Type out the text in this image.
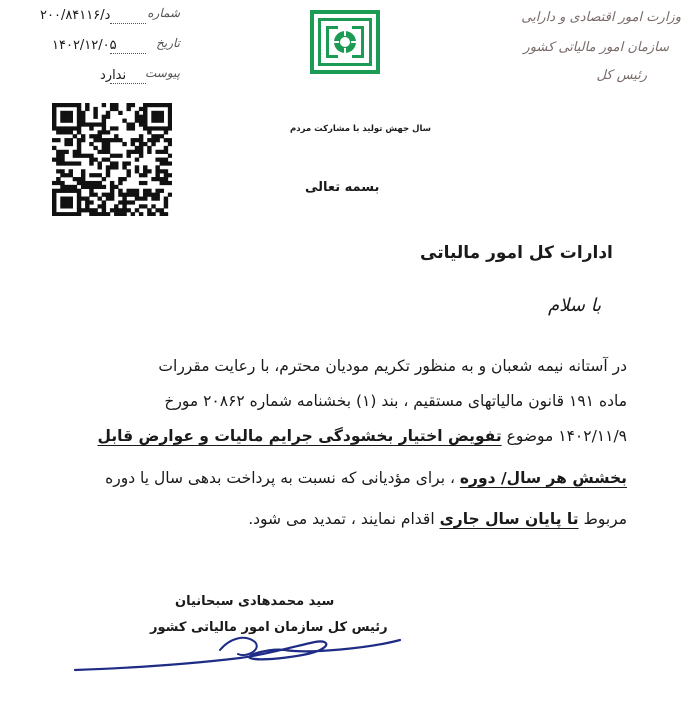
د/۲۰۰/۸۴۱۱۶	شماره
۱۴۰۲/۱۲/۰۵	تاریخ
ندارد پیوست
وزارت امور اقتصادی و دارایی
سازمان امور مالیاتی کشور
رئیس کل
سال جهش تولید با مشارکت مردم
بسمه تعالی
ادارات کل امور مالیاتی
با سلام
در آستانه نیمه شعبان و به منظور تکریم مودیان محترم، با رعایت مقررات
ماده ۱۹۱ قانون مالیاتهای مستقیم ، بند (۱) بخشنامه شماره ۲۰۸۶۲ مورخ
۱۴۰۲/۱۱/۹ موضوع تفویض اختیار بخشودگی جرایم مالیات و عوارض قابل
بخشش هر سال/ دوره ، برای مؤدیانی که نسبت به پرداخت بدهی سال یا دوره
مربوط تا پایان سال جاری اقدام نمایند ، تمدید می شود.
سید محمدهادی سبحانیان
رئیس کل سازمان امور مالیاتی کشور
